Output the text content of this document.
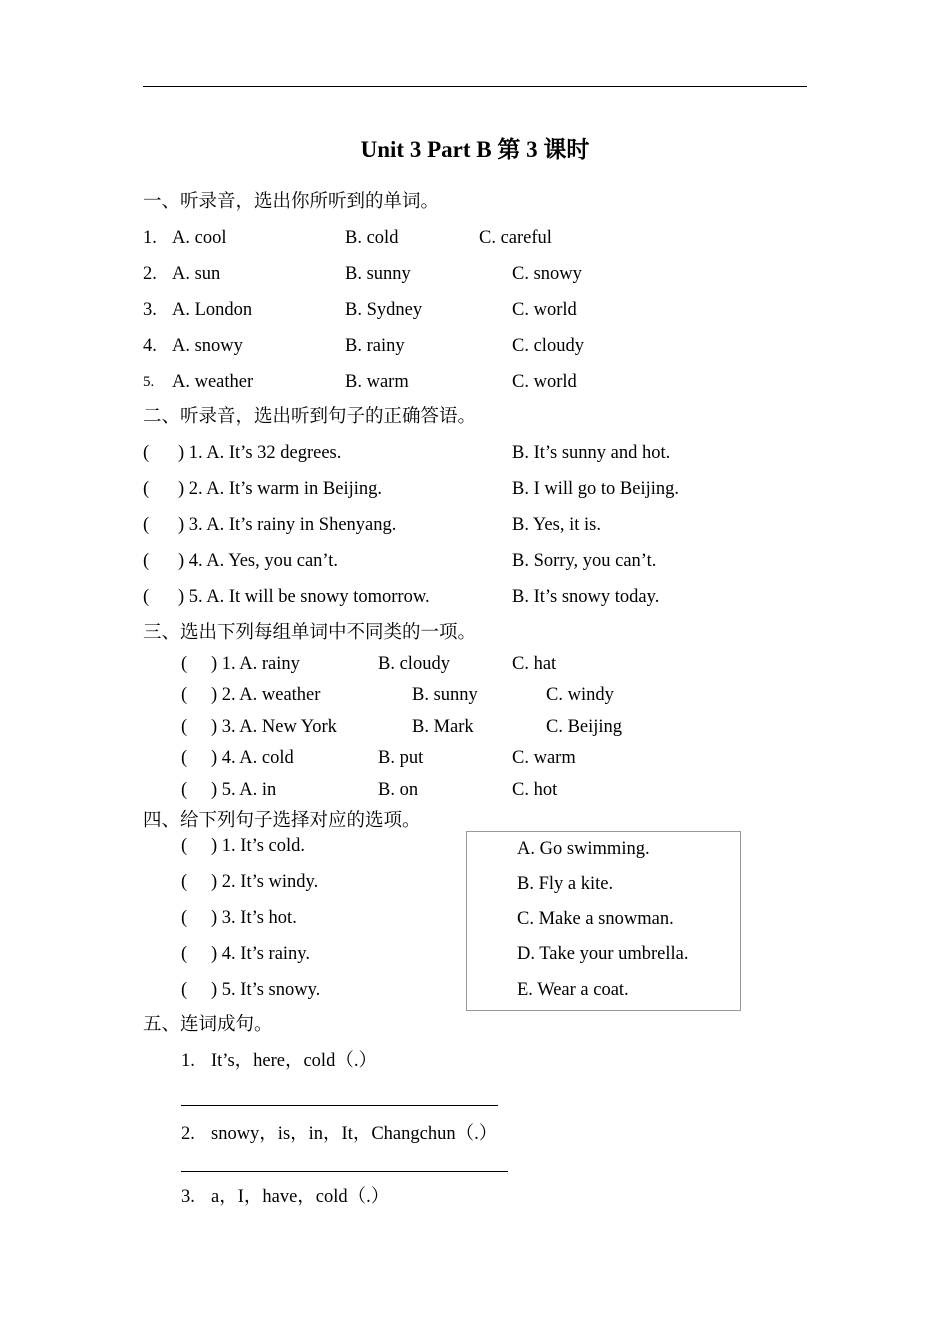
Unit 3 Part B 第 3 课时
一、听录音，选出你所听到的单词。
1. A. cool	B. cold	C. careful
2. A. sun	B. sunny	C. snowy
3. A. London	B. Sydney	C. world
4. A. snowy	B. rainy	C. cloudy
5. A. weather	B. warm	C. world
二、听录音，选出听到句子的正确答语。
( ) 1. A. It’s 32 degrees.	B. It’s sunny and hot.
( ) 2. A. It’s warm in Beijing.	B. I will go to Beijing.
( ) 3. A. It’s rainy in Shenyang.	B. Yes, it is.
( ) 4. A. Yes, you can’t.	B. Sorry, you can’t.
( ) 5. A. It will be snowy tomorrow.	B. It’s snowy today.
三、选出下列每组单词中不同类的一项。
( ) 1. A. rainy	B. cloudy	C. hat
( ) 2. A. weather	B. sunny	C. windy
( ) 3. A. New York	B. Mark	C. Beijing
( ) 4. A. cold	B. put	C. warm
( ) 5. A. in	B. on	C. hot
四、给下列句子选择对应的选项。
( ) 1. It’s cold.
( ) 2. It’s windy.
( ) 3. It’s hot.
( ) 4. It’s rainy.
( ) 5. It’s snowy.
A. Go swimming.
B. Fly a kite.
C. Make a snowman.
D. Take your umbrella.
E. Wear a coat.
五、连词成句。
1. It’s，here，cold（.）
2. snowy，is，in，It，Changchun（.）
3. a，I，have，cold（.）
